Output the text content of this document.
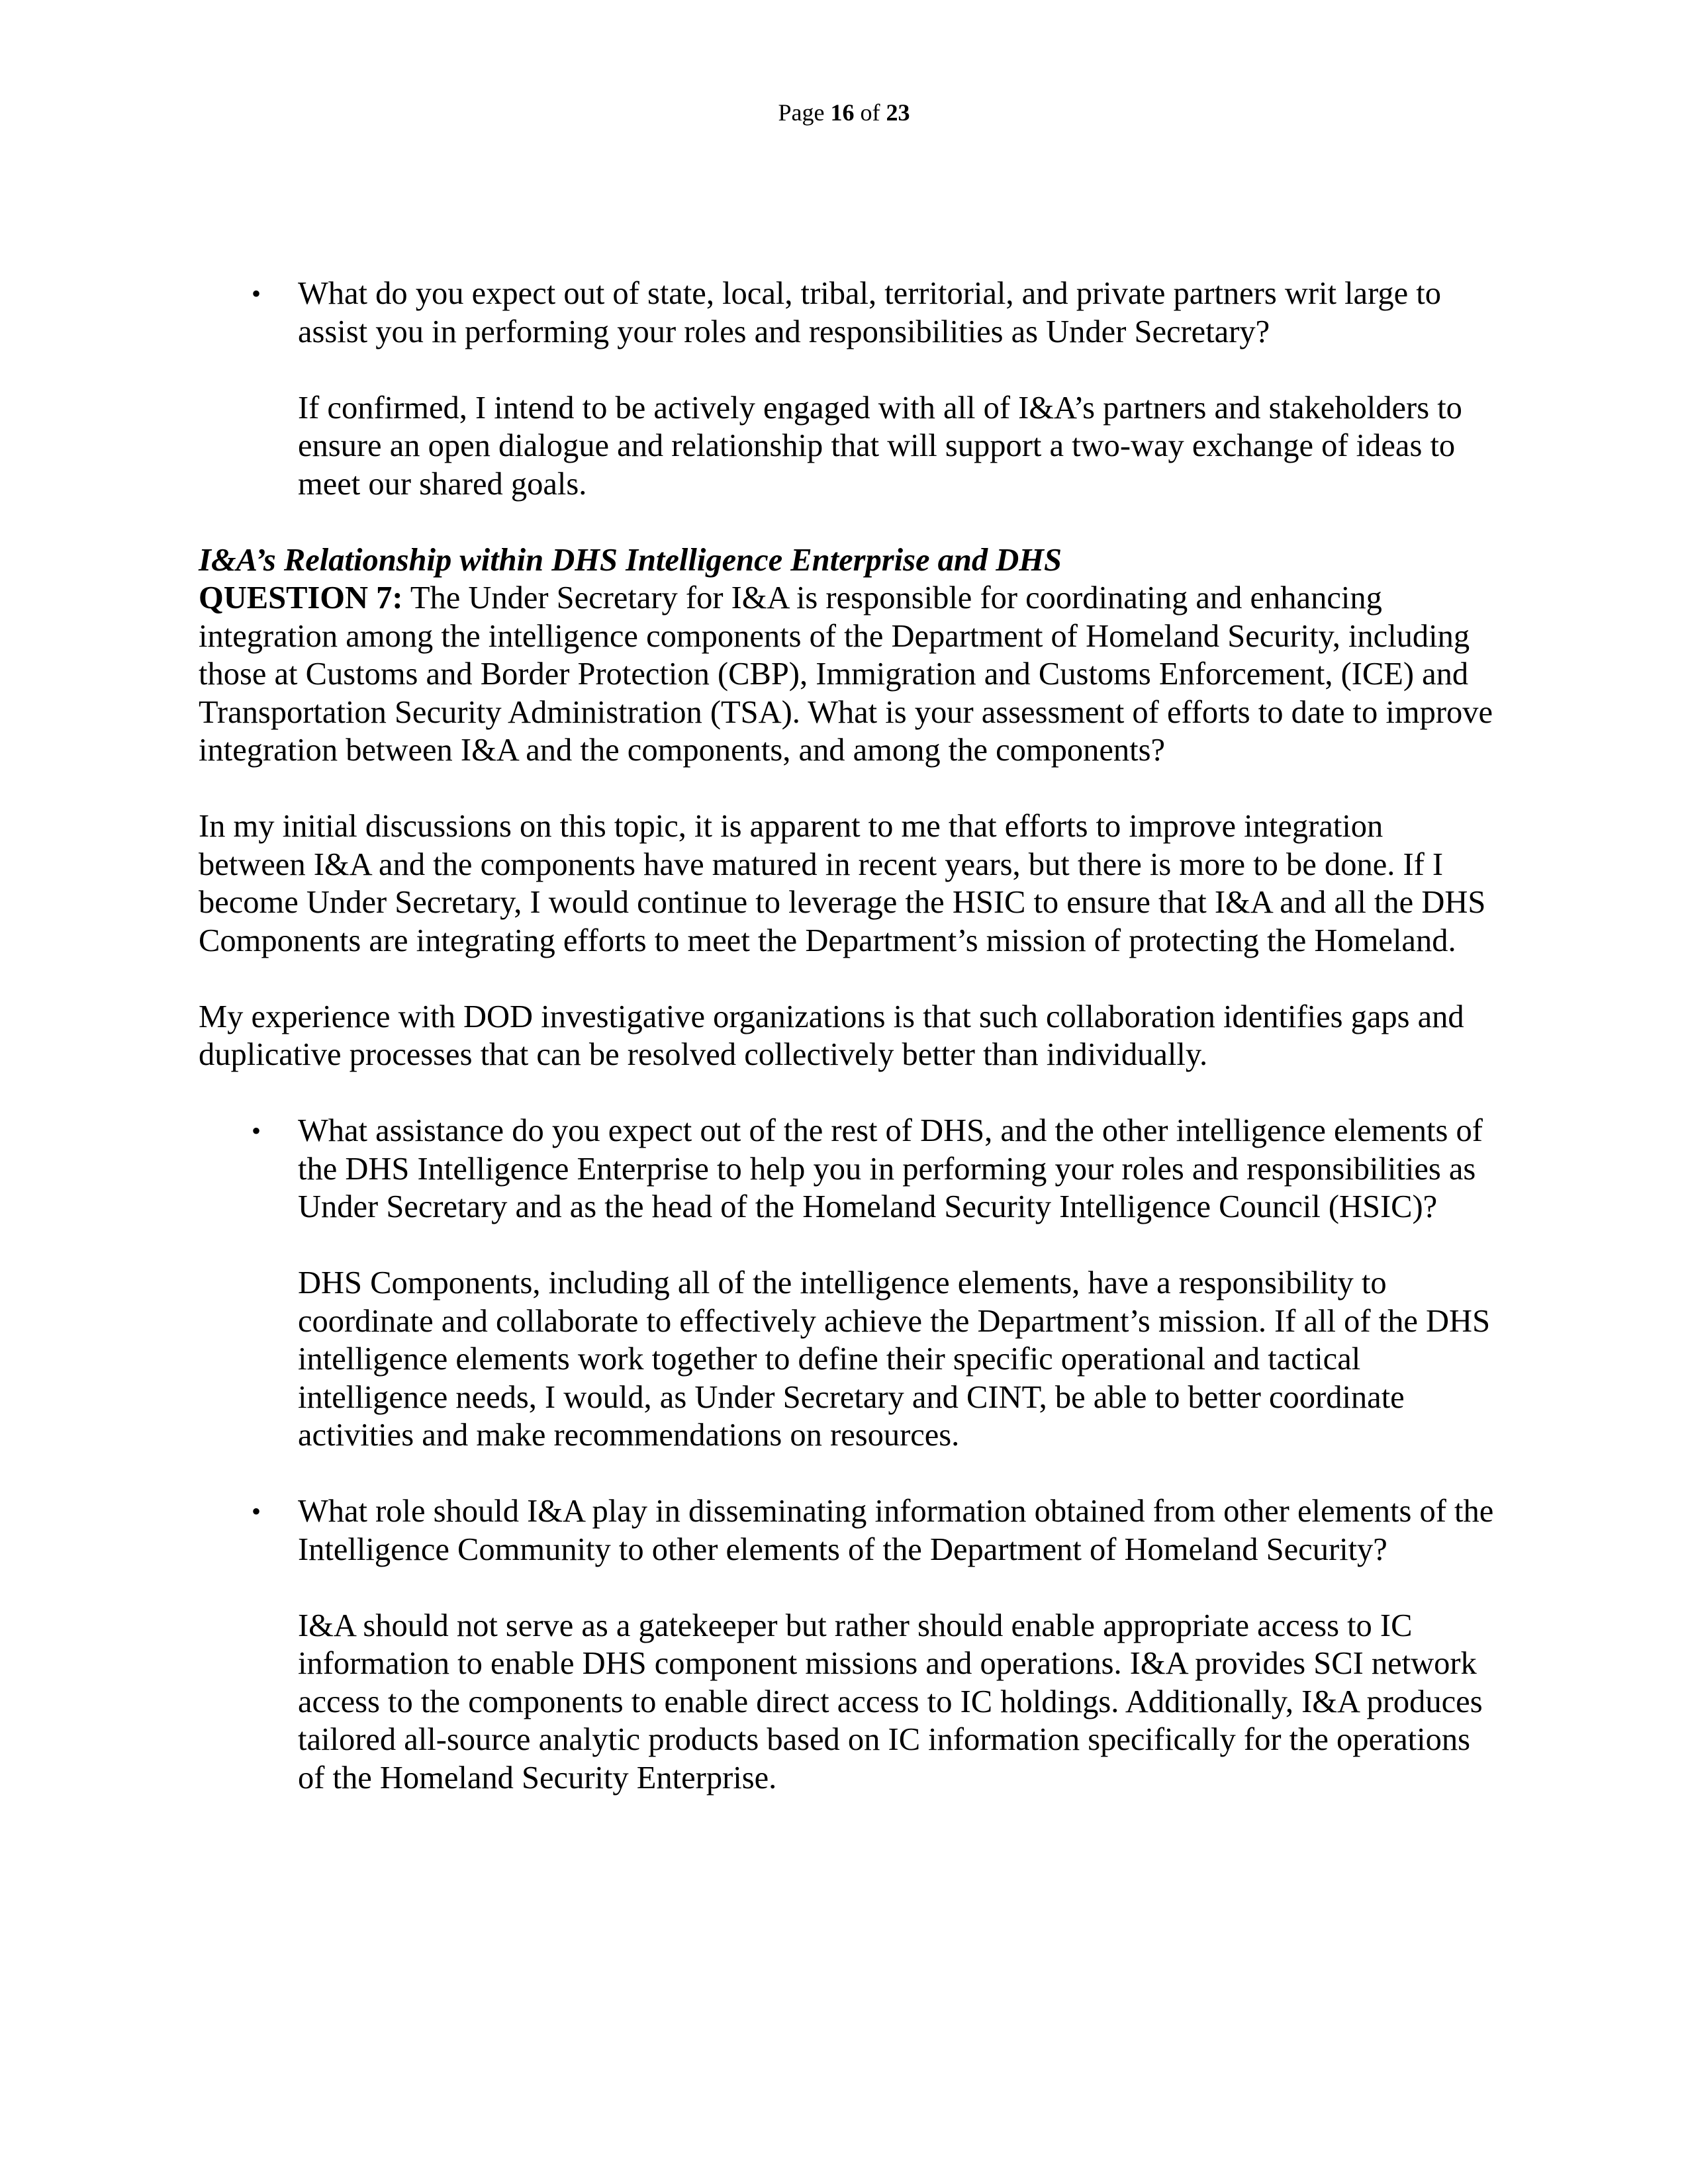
Page 16 of 23
•	What do you expect out of state, local, tribal, territorial, and private partners writ large to assist you in performing your roles and responsibilities as Under Secretary?

If confirmed, I intend to be actively engaged with all of I&A’s partners and stakeholders to ensure an open dialogue and relationship that will support a two-way exchange of ideas to meet our shared goals.

I&A’s Relationship within DHS Intelligence Enterprise and DHS

QUESTION 7: The Under Secretary for I&A is responsible for coordinating and enhancing integration among the intelligence components of the Department of Homeland Security, including those at Customs and Border Protection (CBP), Immigration and Customs Enforcement, (ICE) and Transportation Security Administration (TSA). What is your assessment of efforts to date to improve integration between I&A and the components, and among the components?

In my initial discussions on this topic, it is apparent to me that efforts to improve integration between I&A and the components have matured in recent years, but there is more to be done. If I become Under Secretary, I would continue to leverage the HSIC to ensure that I&A and all the DHS Components are integrating efforts to meet the Department’s mission of protecting the Homeland.

My experience with DOD investigative organizations is that such collaboration identifies gaps and duplicative processes that can be resolved collectively better than individually.

•	What assistance do you expect out of the rest of DHS, and the other intelligence elements of the DHS Intelligence Enterprise to help you in performing your roles and responsibilities as Under Secretary and as the head of the Homeland Security Intelligence Council (HSIC)?

DHS Components, including all of the intelligence elements, have a responsibility to coordinate and collaborate to effectively achieve the Department’s mission. If all of the DHS intelligence elements work together to define their specific operational and tactical intelligence needs, I would, as Under Secretary and CINT, be able to better coordinate activities and make recommendations on resources.

•	What role should I&A play in disseminating information obtained from other elements of the Intelligence Community to other elements of the Department of Homeland Security?

I&A should not serve as a gatekeeper but rather should enable appropriate access to IC information to enable DHS component missions and operations. I&A provides SCI network access to the components to enable direct access to IC holdings. Additionally, I&A produces tailored all-source analytic products based on IC information specifically for the operations of the Homeland Security Enterprise.
